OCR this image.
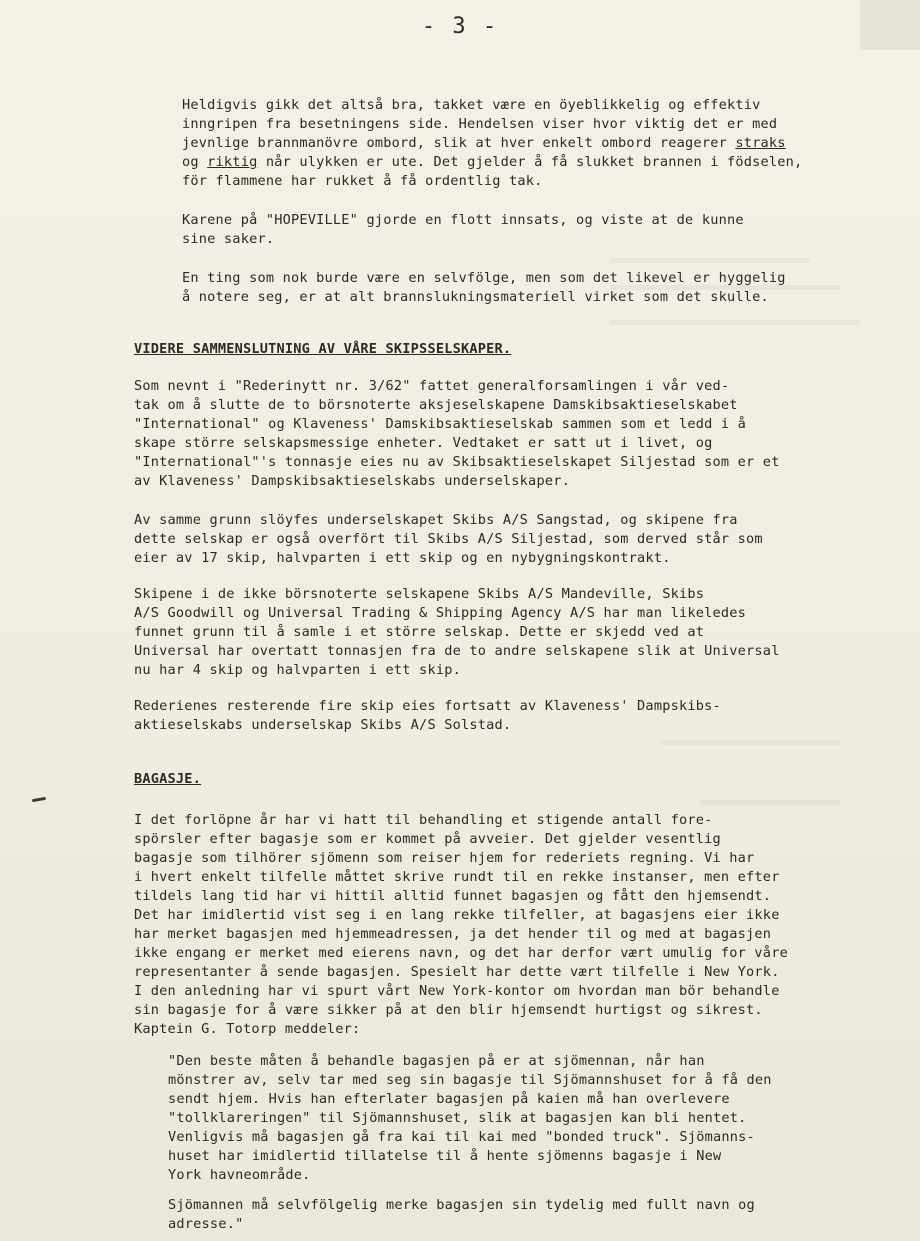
- 3 -
Heldigvis gikk det altså bra, takket være en öyeblikkelig og effektiv
inngripen fra besetningens side. Hendelsen viser hvor viktig det er med
jevnlige brannmanövre ombord, slik at hver enkelt ombord reagerer straks
og riktig når ulykken er ute. Det gjelder å få slukket brannen i födselen,
för flammene har rukket å få ordentlig tak.
Karene på "HOPEVILLE" gjorde en flott innsats, og viste at de kunne
sine saker.
En ting som nok burde være en selvfölge, men som det likevel er hyggelig
å notere seg, er at alt brannslukningsmateriell virket som det skulle.
VIDERE SAMMENSLUTNING AV VÅRE SKIPSSELSKAPER.
Som nevnt i "Rederinytt nr. 3/62" fattet generalforsamlingen i vår ved-
tak om å slutte de to börsnoterte aksjeselskapene Damskibsaktieselskabet
"International" og Klaveness' Damskibsaktieselskab sammen som et ledd i å
skape större selskapsmessige enheter. Vedtaket er satt ut i livet, og
"International"'s tonnasje eies nu av Skibsaktieselskapet Siljestad som er et
av Klaveness' Dampskibsaktieselskabs underselskaper.
Av samme grunn slöyfes underselskapet Skibs A/S Sangstad, og skipene fra
dette selskap er også overfört til Skibs A/S Siljestad, som derved står som
eier av 17 skip, halvparten i ett skip og en nybygningskontrakt.
Skipene i de ikke börsnoterte selskapene Skibs A/S Mandeville, Skibs
A/S Goodwill og Universal Trading & Shipping Agency A/S har man likeledes
funnet grunn til å samle i et större selskap. Dette er skjedd ved at
Universal har overtatt tonnasjen fra de to andre selskapene slik at Universal
nu har 4 skip og halvparten i ett skip.
Rederienes resterende fire skip eies fortsatt av Klaveness' Dampskibs-
aktieselskabs underselskap Skibs A/S Solstad.
BAGASJE.
I det forlöpne år har vi hatt til behandling et stigende antall fore-
spörsler efter bagasje som er kommet på avveier. Det gjelder vesentlig
bagasje som tilhörer sjömenn som reiser hjem for rederiets regning. Vi har
i hvert enkelt tilfelle måttet skrive rundt til en rekke instanser, men efter
tildels lang tid har vi hittil alltid funnet bagasjen og fått den hjemsendt.
Det har imidlertid vist seg i en lang rekke tilfeller, at bagasjens eier ikke
har merket bagasjen med hjemmeadressen, ja det hender til og med at bagasjen
ikke engang er merket med eierens navn, og det har derfor vært umulig for våre
representanter å sende bagasjen. Spesielt har dette vært tilfelle i New York.
I den anledning har vi spurt vårt New York-kontor om hvordan man bör behandle
sin bagasje for å være sikker på at den blir hjemsendt hurtigst og sikrest.
Kaptein G. Totorp meddeler:
"Den beste måten å behandle bagasjen på er at sjömennan, når han
mönstrer av, selv tar med seg sin bagasje til Sjömannshuset for å få den
sendt hjem. Hvis han efterlater bagasjen på kaien må han overlevere
"tollklareringen" til Sjömannshuset, slik at bagasjen kan bli hentet.
Venligvis må bagasjen gå fra kai til kai med "bonded truck". Sjömanns-
huset har imidlertid tillatelse til å hente sjömenns bagasje i New
York havneområde.
Sjömannen må selvfölgelig merke bagasjen sin tydelig med fullt navn og
adresse."
